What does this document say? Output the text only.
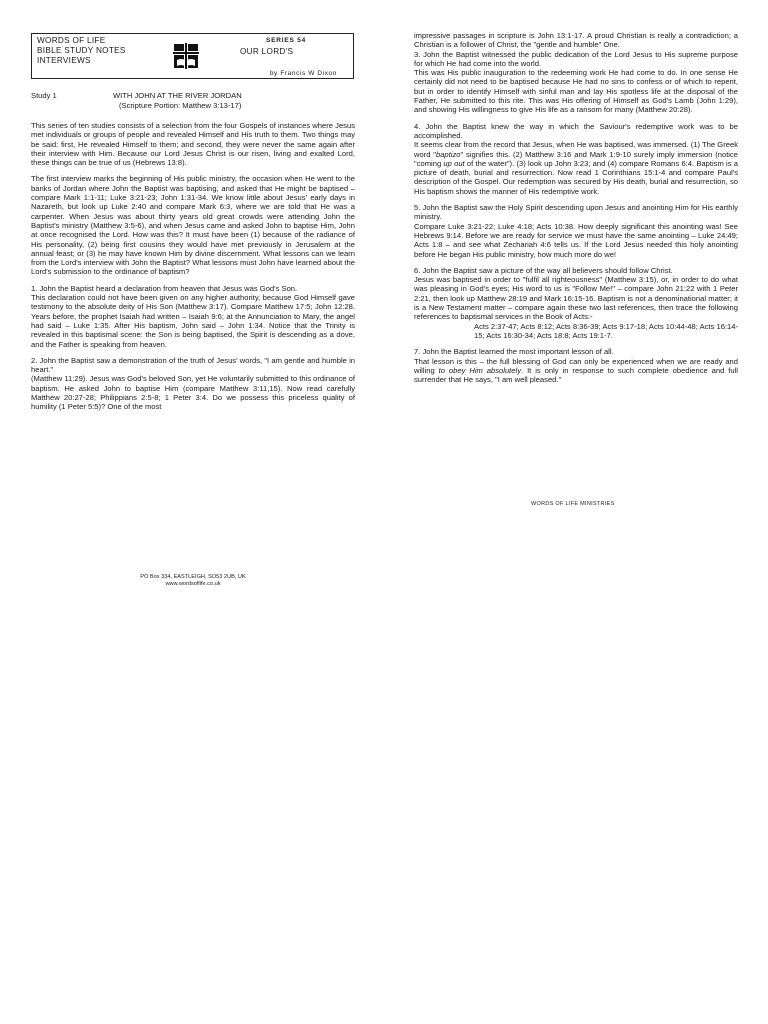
WORDS OF LIFE
BIBLE STUDY NOTES
INTERVIEWS
SERIES 54
OUR LORD'S
by Francis W Dixon
Study 1	WITH JOHN AT THE RIVER JORDAN
(Scripture Portion: Matthew 3:13-17)

This series of ten studies consists of a selection from the four Gospels of instances where Jesus met individuals or groups of people and revealed Himself and His truth to them. Two things may be said: first, He revealed Himself to them; and second, they were never the same again after their interview with Him. Because our Lord Jesus Christ is our risen, living and exalted Lord, these things can be true of us (Hebrews 13:8).

The first interview marks the beginning of His public ministry, the occasion when He went to the banks of Jordan where John the Baptist was baptising, and asked that He might be baptised – compare Mark 1:1-11; Luke 3:21-23; John 1:31-34. We know little about Jesus' early days in Nazareth, but look up Luke 2:40 and compare Mark 6:3, where we are told that He was a carpenter. When Jesus was about thirty years old great crowds were attending John the Baptist's ministry (Matthew 3:5-6), and when Jesus came and asked John to baptise Him, John at once recognised the Lord. How was this? It must have been (1) because of the radiance of His personality, (2) being first cousins they would have met previously in Jerusalem at the annual feast; or (3) he may have known Him by divine discernment. What lessons can we learn from the Lord's interview with John the Baptist? What lessons must John have learned about the Lord's submission to the ordinance of baptism?

1. John the Baptist heard a declaration from heaven that Jesus was God's Son.
This declaration could not have been given on any higher authority, because God Himself gave testimony to the absolute deity of His Son (Matthew 3:17). Compare Matthew 17:5; John 12:28. Years before, the prophet Isaiah had written – Isaiah 9:6; at the Annunciation to Mary, the angel had said – Luke 1:35. After His baptism, John said – John 1:34. Notice that the Trinity is revealed in this baptismal scene: the Son is being baptised, the Spirit is descending as a dove, and the Father is speaking from heaven.

2. John the Baptist saw a demonstration of the truth of Jesus' words, "I am gentle and humble in heart."
(Matthew 11:29). Jesus was God's beloved Son, yet He voluntarily submitted to this ordinance of baptism. He asked John to baptise Him (compare Matthew 3:11,15). Now read carefully Matthew 20:27-28; Philippians 2:5-8; 1 Peter 3:4. Do we possess this priceless quality of humility (1 Peter 5:5)? One of the most

impressive passages in scripture is John 13:1-17. A proud Christian is really a contradiction; a Christian is a follower of Christ, the "gentle and humble" One.
3. John the Baptist witnessed the public dedication of the Lord Jesus to His supreme purpose for which He had come into the world.
This was His public inauguration to the redeeming work He had come to do. In one sense He certainly did not need to be baptised because He had no sins to confess or of which to repent, but in order to identify Himself with sinful man and lay His spotless life at the disposal of the Father, He submitted to this rite. This was His offering of Himself as God's Lamb (John 1:29), and showing His willingness to give His life as a ransom for many (Matthew 20:28).

4. John the Baptist knew the way in which the Saviour's redemptive work was to be accomplished.
It seems clear from the record that Jesus, when He was baptised, was immersed. (1) The Greek word "baptizo" signifies this. (2) Matthew 3:16 and Mark 1:9-10 surely imply immersion (notice "coming up out of the water"). (3) look up John 3:23; and (4) compare Romans 6:4. Baptism is a picture of death, burial and resurrection. Now read 1 Corinthians 15:1-4 and compare Paul's description of the Gospel. Our redemption was secured by His death, burial and resurrection, so His baptism shows the manner of His redemptive work.

5. John the Baptist saw the Holy Spirit descending upon Jesus and anointing Him for His earthly ministry.
Compare Luke 3:21-22; Luke 4:18; Acts 10:38. How deeply significant this anointing was! See Hebrews 9:14. Before we are ready for service we must have the same anointing – Luke 24:49; Acts 1:8 – and see what Zechariah 4:6 tells us. If the Lord Jesus needed this holy anointing before He began His public ministry, how much more do we!

6. John the Baptist saw a picture of the way all believers should follow Christ.
Jesus was baptised in order to "fulfil all righteousness" (Matthew 3:15), or, in order to do what was pleasing in God's eyes; His word to us is "Follow Me!" – compare John 21:22 with 1 Peter 2:21, then look up Matthew 28:19 and Mark 16:15-16. Baptism is not a denominational matter; it is a New Testament matter – compare again these two last references, then trace the following references to baptismal services in the Book of Acts:-
Acts 2:37-47; Acts 8:12; Acts 8:36-39; Acts 9:17-18; Acts 10:44-48; Acts 16:14-15; Acts 16:30-34; Acts 18:8; Acts 19:1-7.

7. John the Baptist learned the most important lesson of all.
That lesson is this – the full blessing of God can only be experienced when we are ready and willing to obey Him absolutely. It is only in response to such complete obedience and full surrender that He says, "I am well pleased."

WORDS OF LIFE MINISTRIES
PO Box 334, EASTLEIGH, SO53 2UB, UK
www.wordsoflife.co.uk
